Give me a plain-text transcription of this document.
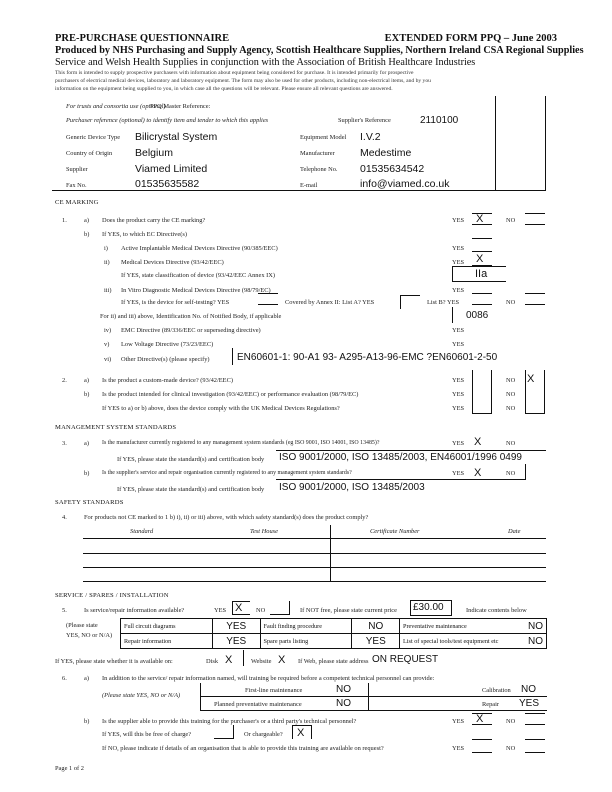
PRE-PURCHASE QUESTIONNAIRE	EXTENDED FORM PPQ – June 2003
Produced by NHS Purchasing and Supply Agency, Scottish Healthcare Supplies, Northern Ireland CSA Regional Supplies
Service and Welsh Health Supplies in conjunction with the Association of British Healthcare Industries
This form is intended to supply prospective purchasers with information about equipment being considered for purchase. It is intended primarily for prospective
purchasers of electrical medical devices, laboratory and laboratory equipment. The form may also be used for other products, including non-electrical items, and by you
information on the equipment being supplied to you, in which case all the questions will be relevant. Please ensure all relevant questions are answered.
For trusts and consortia use (optional)
PPQ Master Reference:
Purchaser reference (optional) to identify item and tender to which this applies	Supplier's Reference	2110100
Generic Device Type Bilicrystal System	Equipment Model I.V.2
Country of Origin Belgium	Manufacturer Medestime
Supplier	Viamed Limited	Telephone No. 01535634542
Fax No.	01535635582	E-mail	info@viamed.co.uk
CE MARKING
1.	a) Does the product carry the CE marking?	YES X	NO
b) If YES, to which EC Directive(s)
i) Active Implantable Medical Devices Directive (90/385/EEC)	YES
ii) Medical Devices Directive (93/42/EEC)	YES X
If YES, state classification of device (93/42/EEC Annex IX)	IIa
iii) In Vitro Diagnostic Medical Devices Directive (98/79/EC)	YES
If YES, is the device for self-testing? YES	Covered by Annex II: List A? YES	List B? YES	NO
For ii) and iii) above, Identification No. of Notified Body, if applicable	0086
iv) EMC Directive (89/336/EEC or superseding directive)	YES
v) Low Voltage Directive (73/23/EEC)	YES
vi) Other Directive(s) (please specify)	EN60601-1: 90-A1 93- A295-A13-96-EMC ?EN60601-2-50
2.	a) Is the product a custom-made device? (93/42/EEC)	YES	NO X
b) Is the product intended for clinical investigation (93/42/EEC) or performance evaluation (98/79/EC)	YES	NO
If YES to a) or b) above, does the device comply with the UK Medical Devices Regulations?	YES	NO
MANAGEMENT SYSTEM STANDARDS
3.	a) Is the manufacturer currently registered to any management system standards (eg ISO 9001, ISO 14001, ISO 13485)?	YES X	NO
If YES, please state the standard(s) and certification body ISO 9001/2000, ISO 13485/2003, EN46001/1996 0499
b) Is the supplier's service and repair organisation currently registered to any management system standards?	YES X	NO
If YES, please state the standard(s) and certification body ISO 9001/2000, ISO 13485/2003
SAFETY STANDARDS
4.	For products not CE marked to 1 b) i), ii) or iii) above, with which safety standard(s) does the product comply?
Standard	Test House	Certificate Number	Date
SERVICE / SPARES / INSTALLATION
5.	Is service/repair information available?	YES X NO	If NOT free, please state current price £30.00	Indicate contents below
(Please state
YES, NO or N/A)
Full circuit diagrams	YES	Fault finding procedure	NO	Preventative maintenance	NO
Repair information	YES	Spare parts listing	YES	List of special tools/test equipment etc	NO
If YES, please state whether it is available on:	Disk X	Website X If Web, please state address ON REQUEST
6.	a) In addition to the service/ repair information named, will training be required before a competent technical personnel can provide:
(Please state YES, NO or N/A)
First-line maintenance	NO	Calibration NO
Planned preventative maintenance	NO	Repair YES
b) Is the supplier able to provide this training for the purchaser's or a third party's technical personnel?	YES X	NO
If YES, will this be free of charge?	Or chargeable? X
If NO, please indicate if details of an organisation that is able to provide this training are available on request?	YES	NO
Page 1 of 2
